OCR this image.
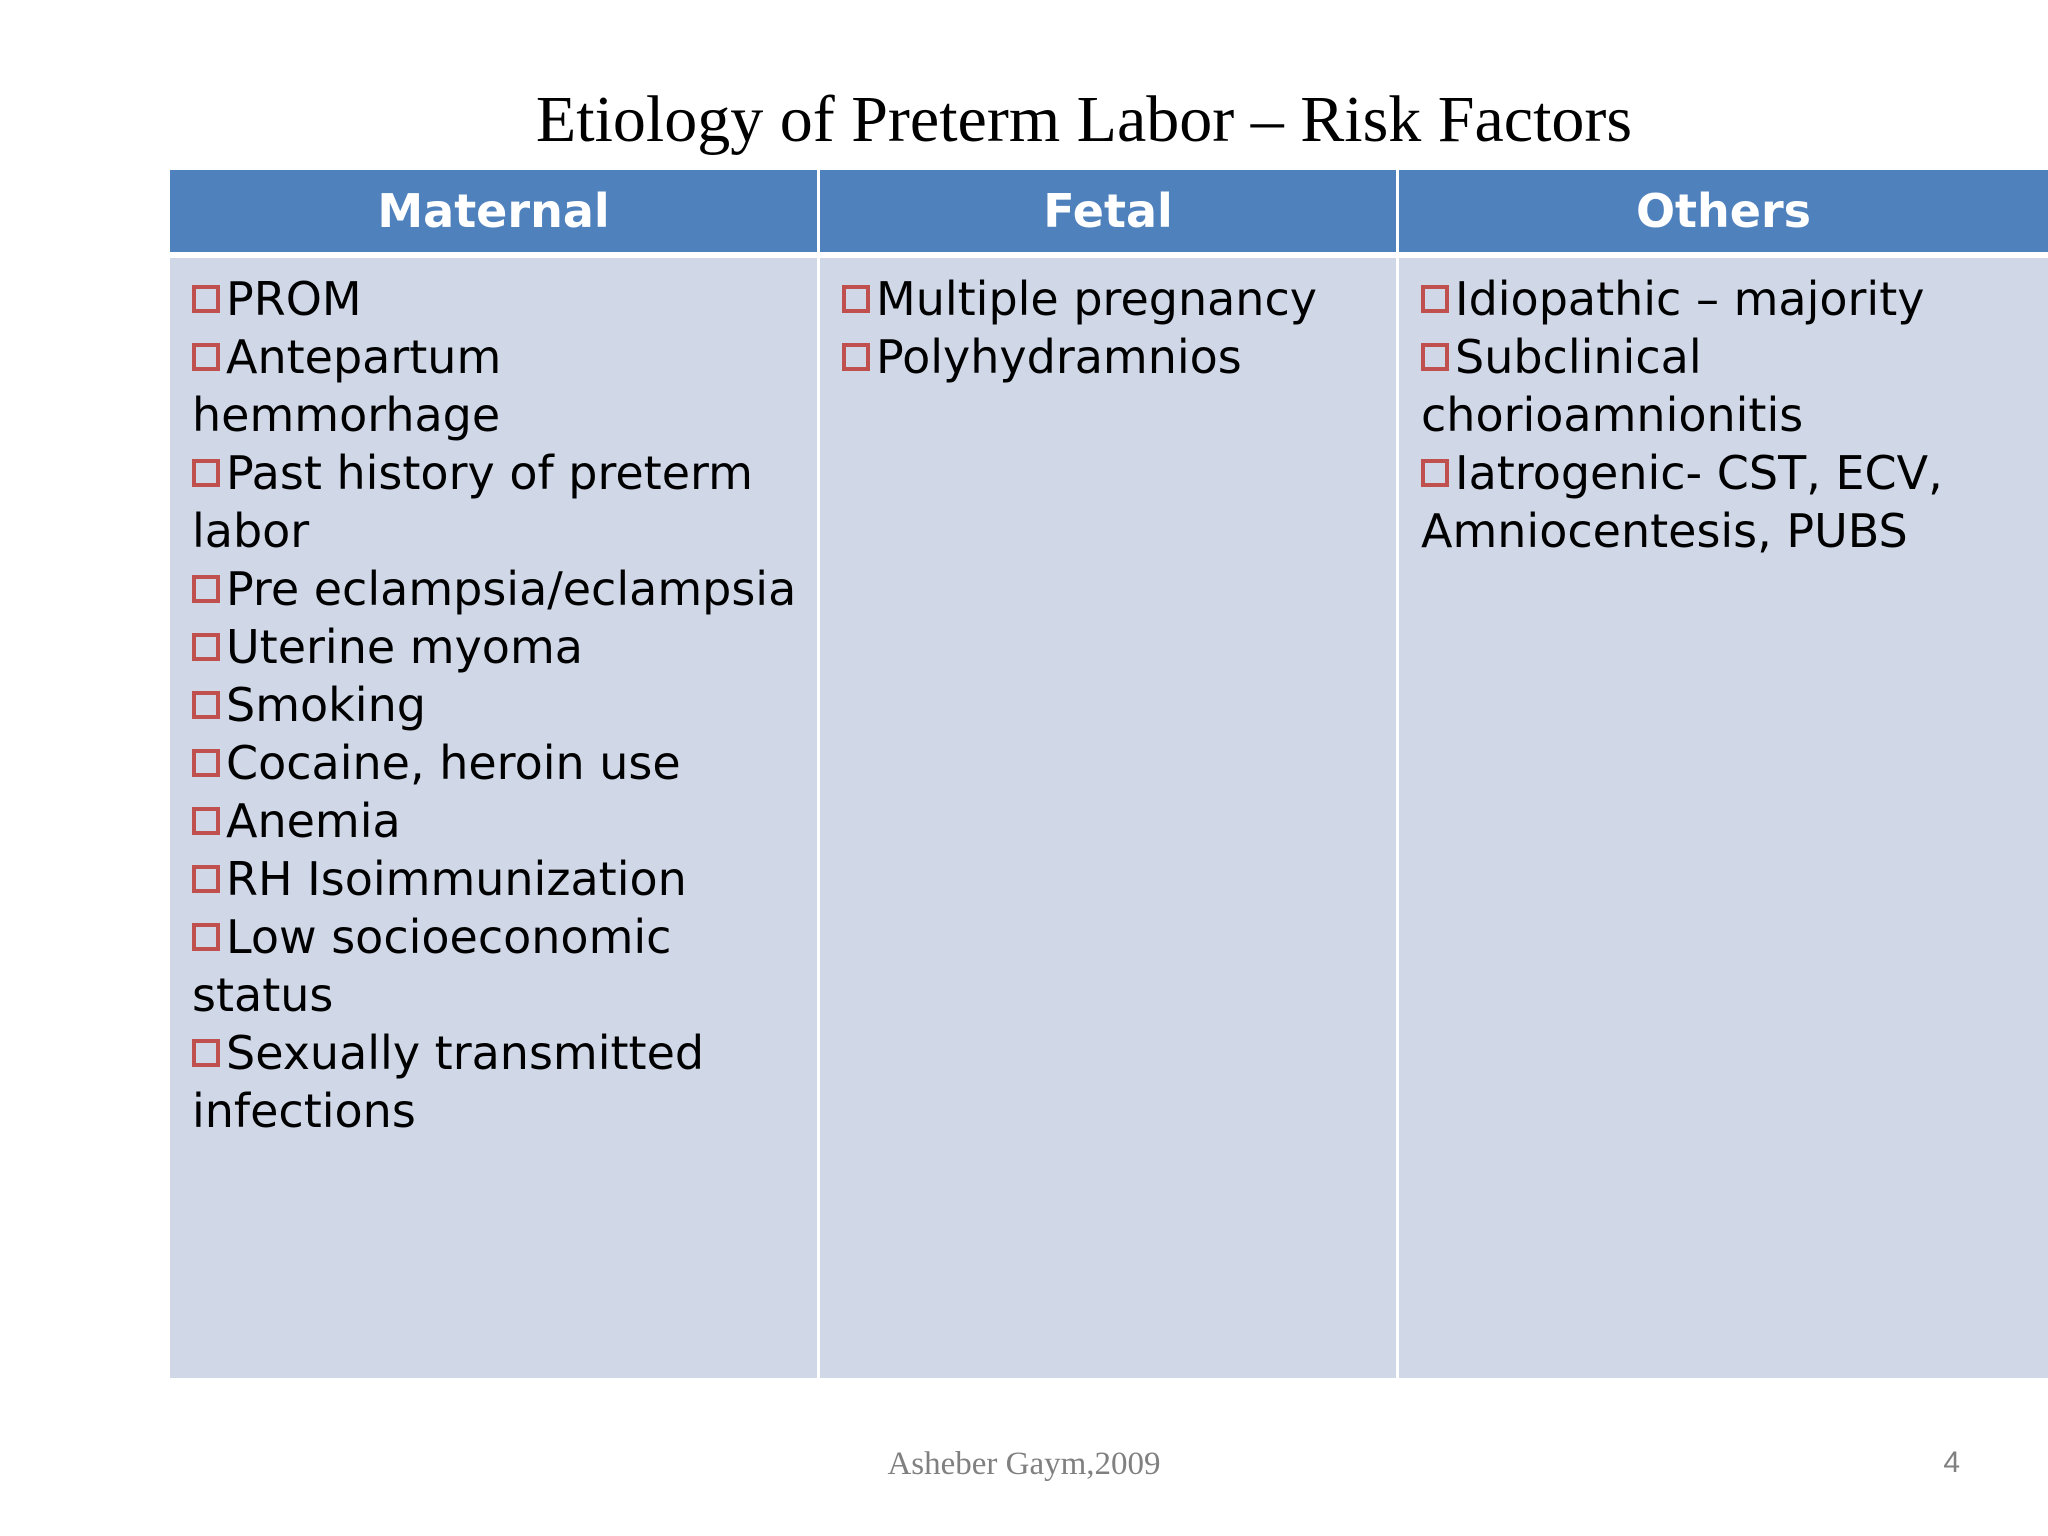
Etiology of Preterm Labor – Risk Factors
Maternal
PROM
Antepartum hemmorhage
Past history of preterm labor
Pre eclampsia/eclampsia
Uterine myoma
Smoking
Cocaine, heroin use
Anemia
RH Isoimmunization
Low socioeconomic status
Sexually transmitted infections
Fetal
Multiple pregnancy
Polyhydramnios
Others
Idiopathic – majority
Subclinical chorioamnionitis
Iatrogenic- CST, ECV, Amniocentesis, PUBS
Asheber Gaym,2009	4
